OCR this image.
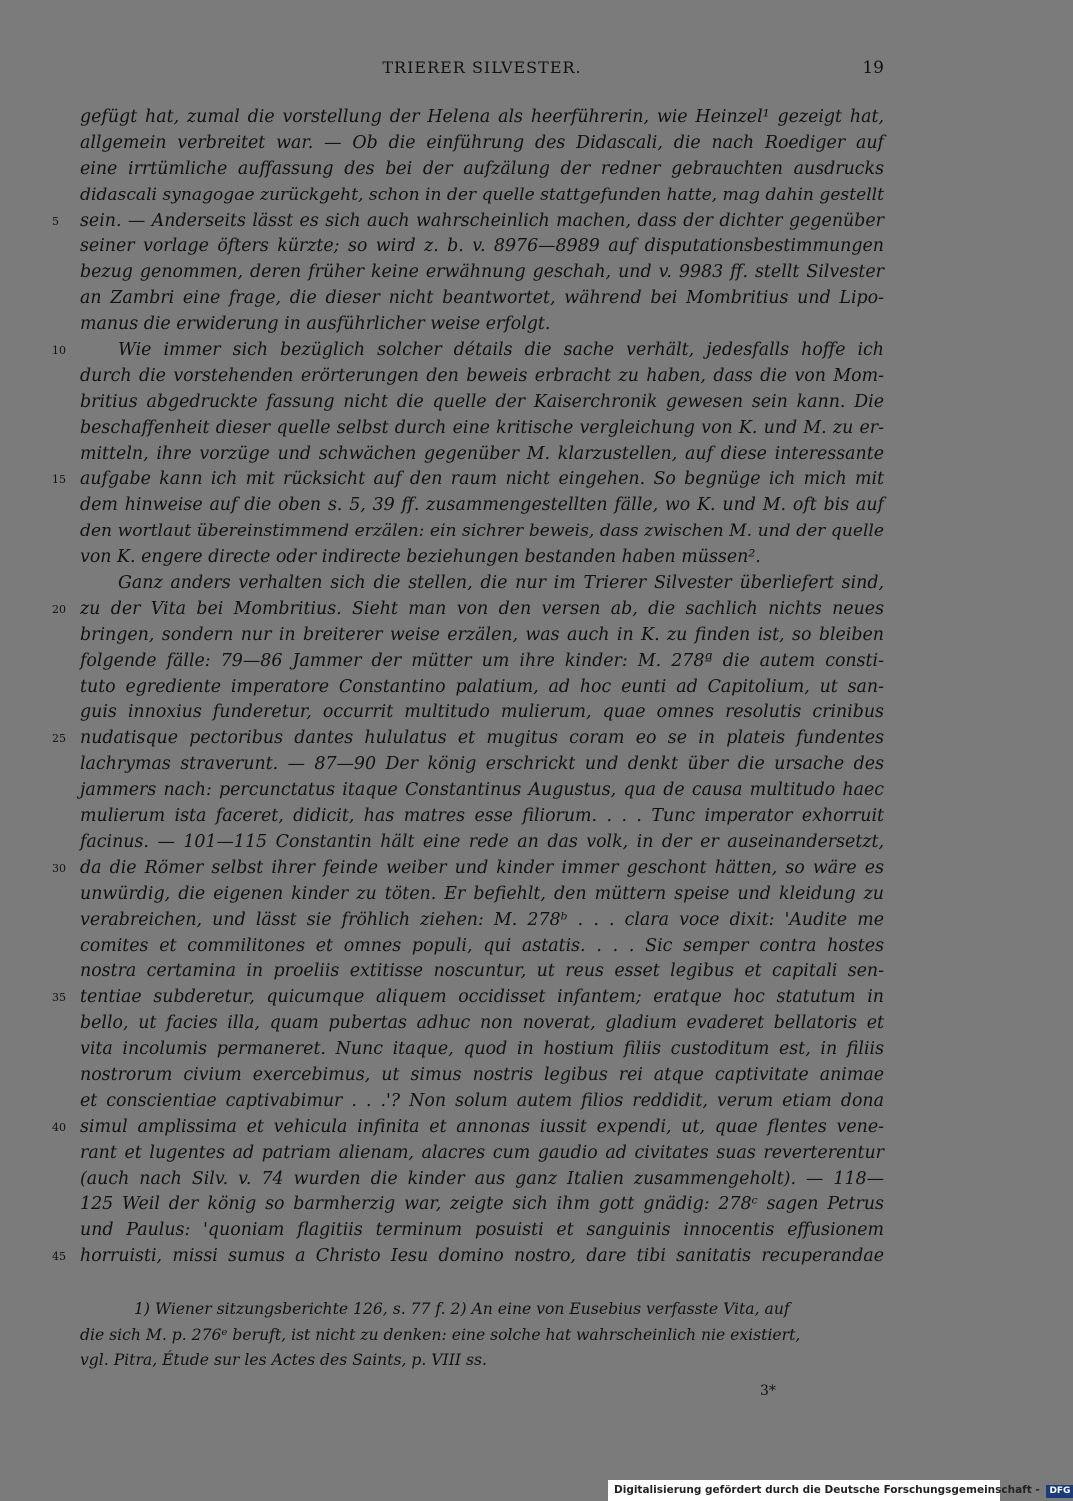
TRIERER SILVESTER.	19
gefügt hat, zumal die vorstellung der Helena als heerführerin, wie Heinzel¹ gezeigt hat,
allgemein verbreitet war. — Ob die einführung des Didascali, die nach Roediger auf
eine irrtümliche auffassung des bei der aufzälung der redner gebrauchten ausdrucks
didascali synagogae zurückgeht, schon in der quelle stattgefunden hatte, mag dahin gestellt
5 sein. — Anderseits lässt es sich auch wahrscheinlich machen, dass der dichter gegenüber
seiner vorlage öfters kürzte; so wird z. b. v. 8976—8989 auf disputationsbestimmungen
bezug genommen, deren früher keine erwähnung geschah, und v. 9983 ff. stellt Silvester
an Zambri eine frage, die dieser nicht beantwortet, während bei Mombritius und Lipo-
manus die erwiderung in ausführlicher weise erfolgt.
10	Wie immer sich bezüglich solcher détails die sache verhält, jedesfalls hoffe ich
durch die vorstehenden erörterungen den beweis erbracht zu haben, dass die von Mom-
britius abgedruckte fassung nicht die quelle der Kaiserchronik gewesen sein kann. Die
beschaffenheit dieser quelle selbst durch eine kritische vergleichung von K. und M. zu er-
mitteln, ihre vorzüge und schwächen gegenüber M. klarzustellen, auf diese interessante
15 aufgabe kann ich mit rücksicht auf den raum nicht eingehen. So begnüge ich mich mit
dem hinweise auf die oben s. 5, 39 ff. zusammengestellten fälle, wo K. und M. oft bis auf
den wortlaut übereinstimmend erzälen: ein sichrer beweis, dass zwischen M. und der quelle
von K. engere directe oder indirecte beziehungen bestanden haben müssen².
Ganz anders verhalten sich die stellen, die nur im Trierer Silvester überliefert sind,
20 zu der Vita bei Mombritius. Sieht man von den versen ab, die sachlich nichts neues
bringen, sondern nur in breiterer weise erzälen, was auch in K. zu finden ist, so bleiben
folgende fälle: 79—86 Jammer der mütter um ihre kinder: M. 278ª die autem consti-
tuto egrediente imperatore Constantino palatium, ad hoc eunti ad Capitolium, ut san-
guis innoxius funderetur, occurrit multitudo mulierum, quae omnes resolutis crinibus
25 nudatisque pectoribus dantes hululatus et mugitus coram eo se in plateis fundentes
lachrymas straverunt. — 87—90 Der könig erschrickt und denkt über die ursache des
jammers nach: percunctatus itaque Constantinus Augustus, qua de causa multitudo haec
mulierum ista faceret, didicit, has matres esse filiorum. . . . Tunc imperator exhorruit
facinus. — 101—115 Constantin hält eine rede an das volk, in der er auseinandersetzt,
30 da die Römer selbst ihrer feinde weiber und kinder immer geschont hätten, so wäre es
unwürdig, die eigenen kinder zu töten. Er befiehlt, den müttern speise und kleidung zu
verabreichen, und lässt sie fröhlich ziehen: M. 278ᵇ . . . clara voce dixit: 'Audite me
comites et commilitones et omnes populi, qui astatis. . . . Sic semper contra hostes
nostra certamina in proeliis extitisse noscuntur, ut reus esset legibus et capitali sen-
35 tentiae subderetur, quicumque aliquem occidisset infantem; eratque hoc statutum in
bello, ut facies illa, quam pubertas adhuc non noverat, gladium evaderet bellatoris et
vita incolumis permaneret. Nunc itaque, quod in hostium filiis custoditum est, in filiis
nostrorum civium exercebimus, ut simus nostris legibus rei atque captivitate animae
et conscientiae captivabimur . . .'? Non solum autem filios reddidit, verum etiam dona
40 simul amplissima et vehicula infinita et annonas iussit expendi, ut, quae flentes vene-
rant et lugentes ad patriam alienam, alacres cum gaudio ad civitates suas reverterentur
(auch nach Silv. v. 74 wurden die kinder aus ganz Italien zusammengeholt). — 118—
125 Weil der könig so barmherzig war, zeigte sich ihm gott gnädig: 278ᶜ sagen Petrus
und Paulus: 'quoniam flagitiis terminum posuisti et sanguinis innocentis effusionem
45 horruisti, missi sumus a Christo Iesu domino nostro, dare tibi sanitatis recuperandae
1) Wiener sitzungsberichte 126, s. 77 f. 2) An eine von Eusebius verfasste Vita, auf
die sich M. p. 276ᵉ beruft, ist nicht zu denken: eine solche hat wahrscheinlich nie existiert,
vgl. Pitra, Étude sur les Actes des Saints, p. VIII ss.
3*
Digitalisierung gefördert durch die Deutsche Forschungsgemeinschaft - DFG
